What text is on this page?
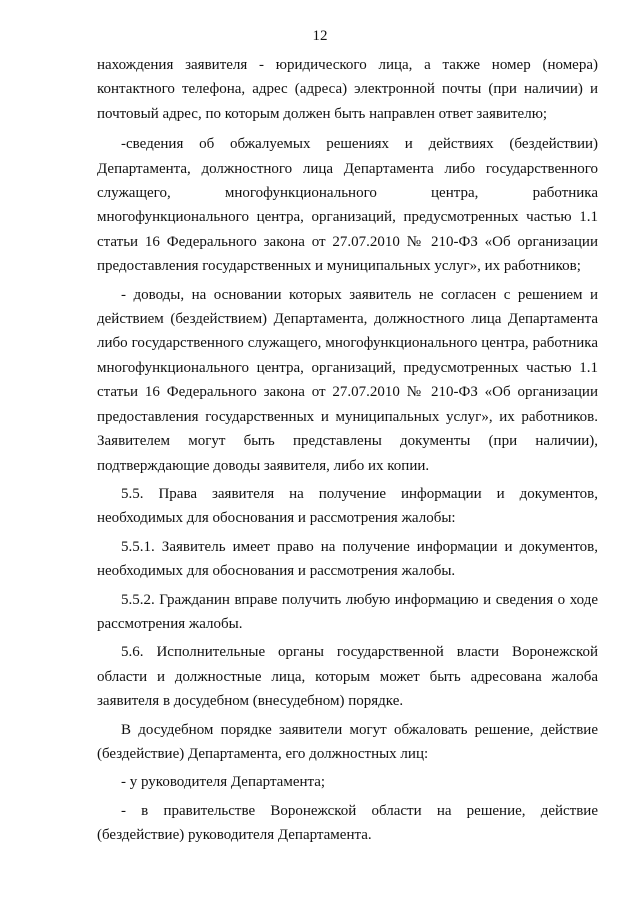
12

нахождения заявителя - юридического лица, а также номер (номера) контактного телефона, адрес (адреса) электронной почты (при наличии) и почтовый адрес, по которым должен быть направлен ответ заявителю;

-сведения об обжалуемых решениях и действиях (бездействии) Департамента, должностного лица Департамента либо государственного служащего, многофункционального центра, работника многофункционального центра, организаций, предусмотренных частью 1.1 статьи 16 Федерального закона от 27.07.2010 № 210-ФЗ «Об организации предоставления государственных и муниципальных услуг», их работников;

- доводы, на основании которых заявитель не согласен с решением и действием (бездействием) Департамента, должностного лица Департамента либо государственного служащего, многофункционального центра, работника многофункционального центра, организаций, предусмотренных частью 1.1 статьи 16 Федерального закона от 27.07.2010 № 210-ФЗ «Об организации предоставления государственных и муниципальных услуг», их работников. Заявителем могут быть представлены документы (при наличии), подтверждающие доводы заявителя, либо их копии.

5.5. Права заявителя на получение информации и документов, необходимых для обоснования и рассмотрения жалобы:

5.5.1. Заявитель имеет право на получение информации и документов, необходимых для обоснования и рассмотрения жалобы.

5.5.2. Гражданин вправе получить любую информацию и сведения о ходе рассмотрения жалобы.

5.6. Исполнительные органы государственной власти Воронежской области и должностные лица, которым может быть адресована жалоба заявителя в досудебном (внесудебном) порядке.

В досудебном порядке заявители могут обжаловать решение, действие (бездействие) Департамента, его должностных лиц:

- у руководителя Департамента;

- в правительстве Воронежской области на решение, действие (бездействие) руководителя Департамента.
